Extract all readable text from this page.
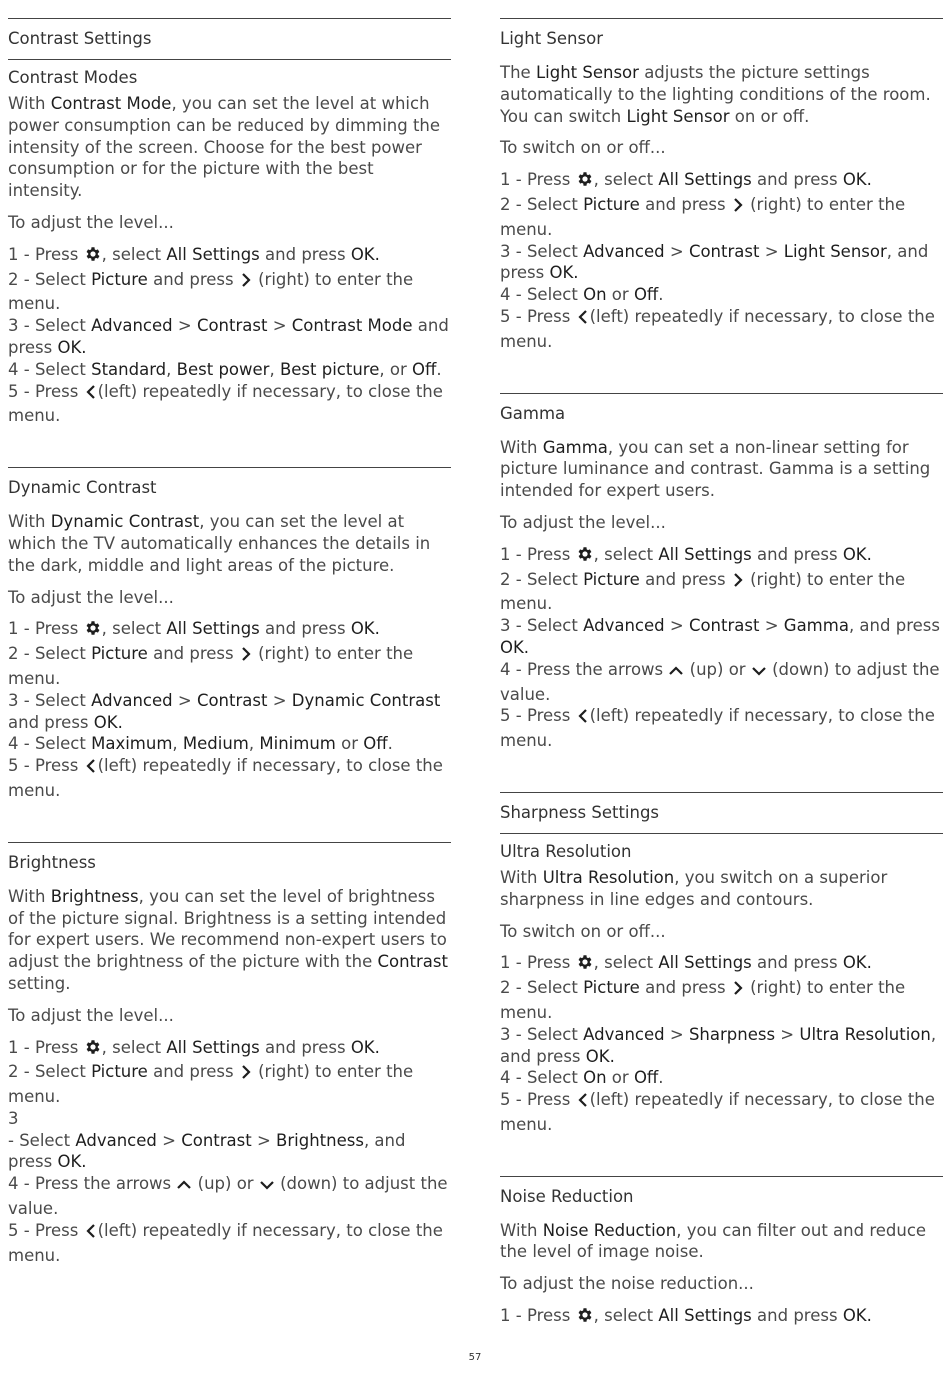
Contrast Settings
Contrast Modes

With Contrast Mode, you can set the level at which power consumption can be reduced by dimming the intensity of the screen. Choose for the best power consumption or for the picture with the best intensity.

To adjust the level...

1 - Press , select All Settings and press OK.
2 - Select Picture and press (right) to enter the menu.
3 - Select Advanced > Contrast > Contrast Mode and press OK.
4 - Select Standard, Best power, Best picture, or Off.
5 - Press (left) repeatedly if necessary, to close the menu.
Dynamic Contrast

With Dynamic Contrast, you can set the level at which the TV automatically enhances the details in the dark, middle and light areas of the picture.

To adjust the level...

1 - Press , select All Settings and press OK.
2 - Select Picture and press (right) to enter the menu.
3 - Select Advanced > Contrast > Dynamic Contrast and press OK.
4 - Select Maximum, Medium, Minimum or Off.
5 - Press (left) repeatedly if necessary, to close the menu.
Brightness

With Brightness, you can set the level of brightness of the picture signal. Brightness is a setting intended for expert users. We recommend non-expert users to adjust the brightness of the picture with the Contrast setting.

To adjust the level...

1 - Press , select All Settings and press OK.
2 - Select Picture and press (right) to enter the menu.
3
- Select Advanced > Contrast > Brightness, and press OK.
4 - Press the arrows (up) or (down) to adjust the value.
5 - Press (left) repeatedly if necessary, to close the menu.
Light Sensor

The Light Sensor adjusts the picture settings automatically to the lighting conditions of the room. You can switch Light Sensor on or off.

To switch on or off...

1 - Press , select All Settings and press OK.
2 - Select Picture and press (right) to enter the menu.
3 - Select Advanced > Contrast > Light Sensor, and press OK.
4 - Select On or Off.
5 - Press (left) repeatedly if necessary, to close the menu.
Gamma

With Gamma, you can set a non-linear setting for picture luminance and contrast. Gamma is a setting intended for expert users.

To adjust the level...

1 - Press , select All Settings and press OK.
2 - Select Picture and press (right) to enter the menu.
3 - Select Advanced > Contrast > Gamma, and press OK.
4 - Press the arrows (up) or (down) to adjust the value.
5 - Press (left) repeatedly if necessary, to close the menu.
Sharpness Settings
Ultra Resolution

With Ultra Resolution, you switch on a superior sharpness in line edges and contours.

To switch on or off...

1 - Press , select All Settings and press OK.
2 - Select Picture and press (right) to enter the menu.
3 - Select Advanced > Sharpness > Ultra Resolution, and press OK.
4 - Select On or Off.
5 - Press (left) repeatedly if necessary, to close the menu.
Noise Reduction

With Noise Reduction, you can filter out and reduce the level of image noise.

To adjust the noise reduction...

1 - Press , select All Settings and press OK.
57
